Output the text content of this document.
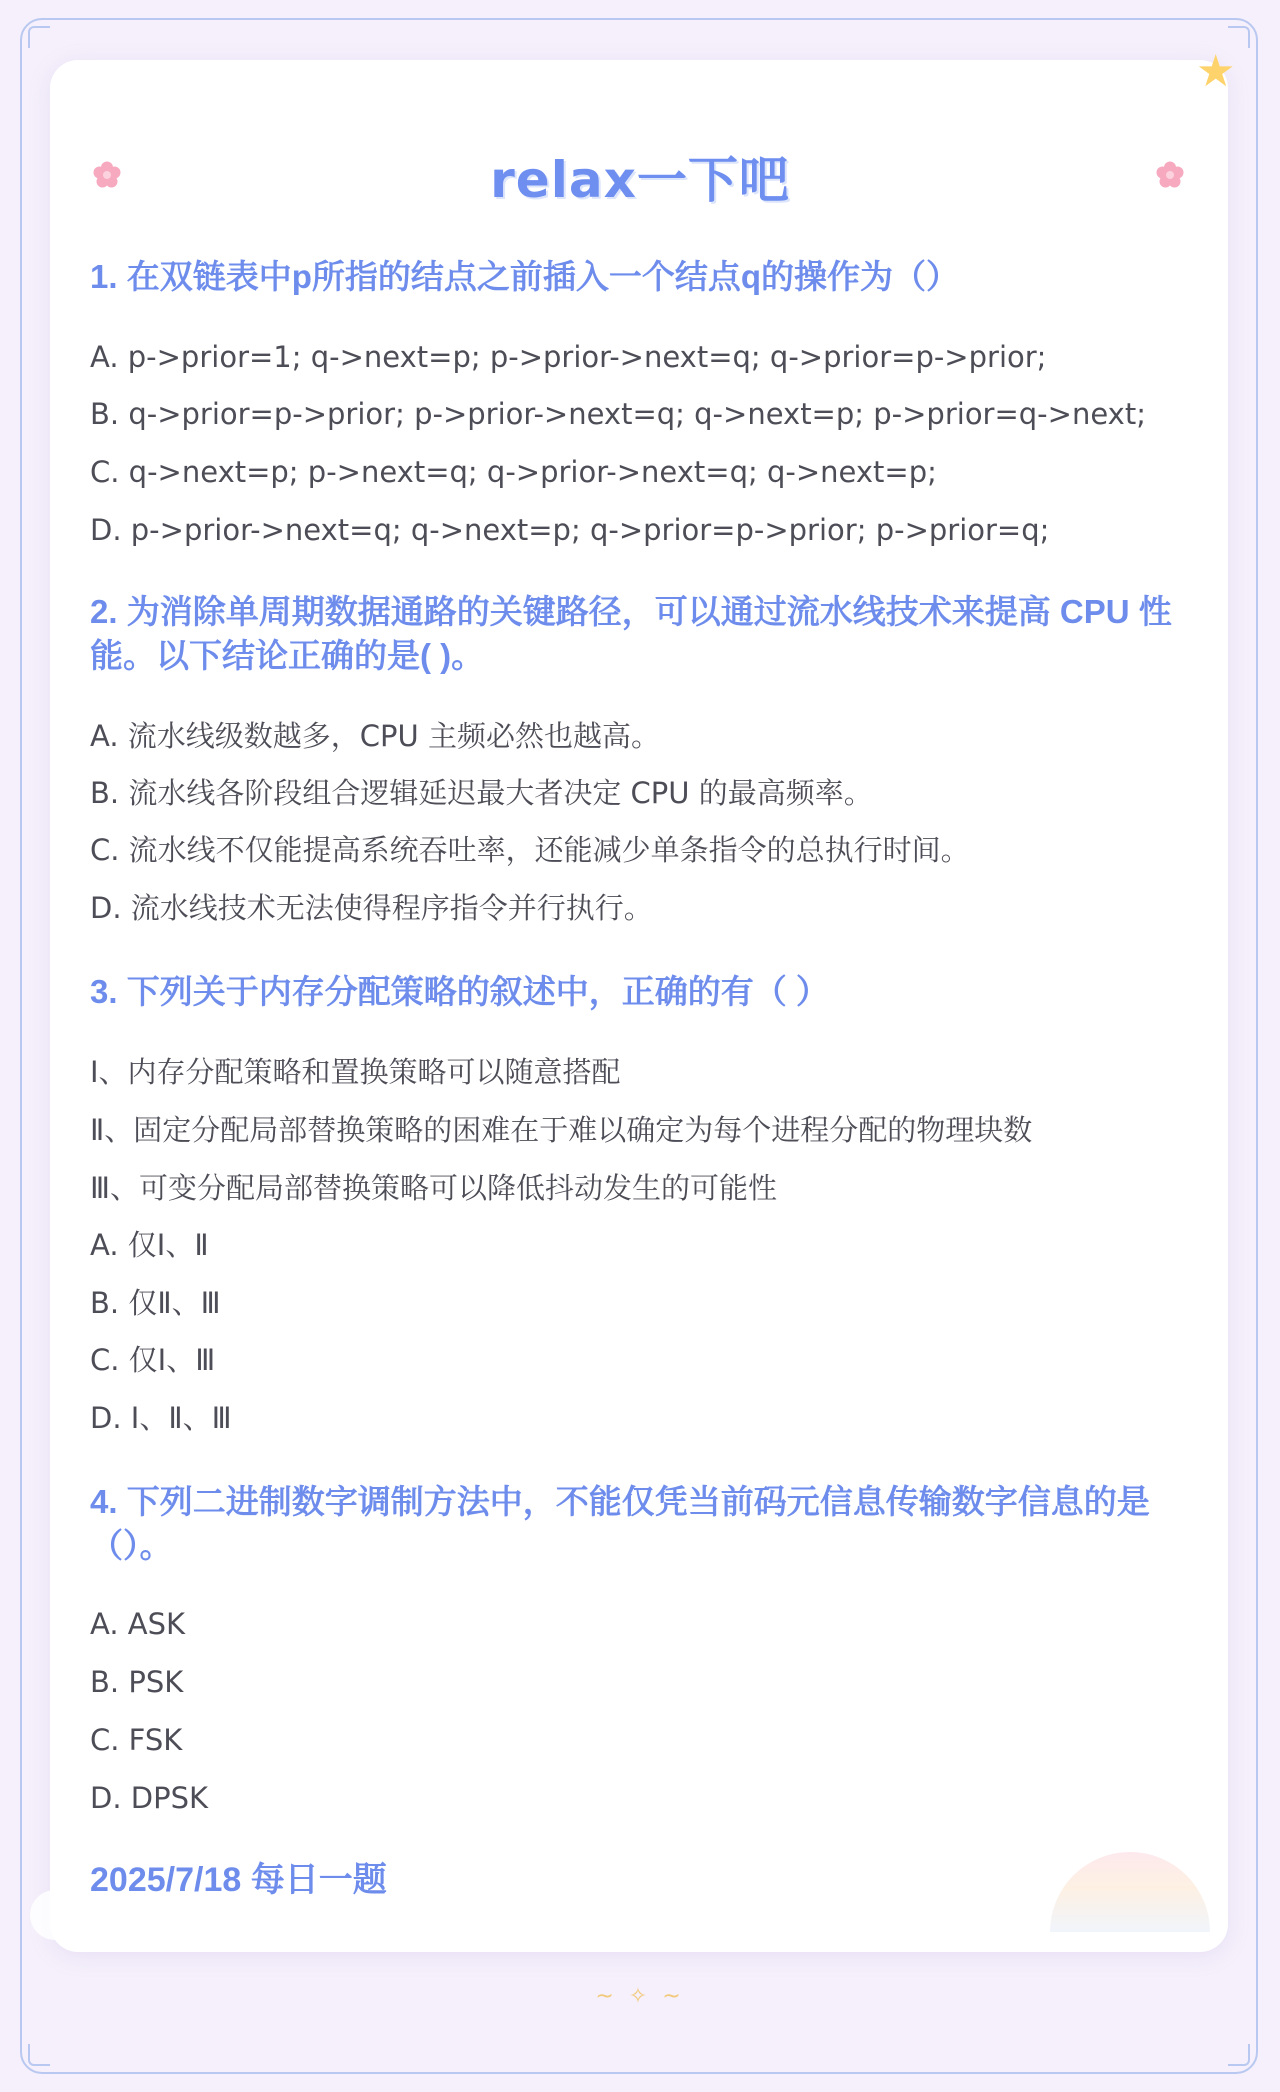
★
relax一下吧
1. 在双链表中p所指的结点之前插入一个结点q的操作为（）
A. p->prior=1; q->next=p; p->prior->next=q; q->prior=p->prior;
B. q->prior=p->prior; p->prior->next=q; q->next=p; p->prior=q->next;
C. q->next=p; p->next=q; q->prior->next=q; q->next=p;
D. p->prior->next=q; q->next=p; q->prior=p->prior; p->prior=q;
2. 为消除单周期数据通路的关键路径，可以通过流水线技术来提高 CPU 性能。以下结论正确的是( )。
A. 流水线级数越多，CPU 主频必然也越高。
B. 流水线各阶段组合逻辑延迟最大者决定 CPU 的最高频率。
C. 流水线不仅能提高系统吞吐率，还能减少单条指令的总执行时间。
D. 流水线技术无法使得程序指令并行执行。
3. 下列关于内存分配策略的叙述中，正确的有（ ）
Ⅰ、内存分配策略和置换策略可以随意搭配
Ⅱ、固定分配局部替换策略的困难在于难以确定为每个进程分配的物理块数
Ⅲ、可变分配局部替换策略可以降低抖动发生的可能性
A. 仅Ⅰ、Ⅱ
B. 仅Ⅱ、Ⅲ
C. 仅Ⅰ、Ⅲ
D. Ⅰ、Ⅱ、Ⅲ
4. 下列二进制数字调制方法中，不能仅凭当前码元信息传输数字信息的是（）。
A. ASK
B. PSK
C. FSK
D. DPSK
2025/7/18 每日一题
~ ✧ ~
